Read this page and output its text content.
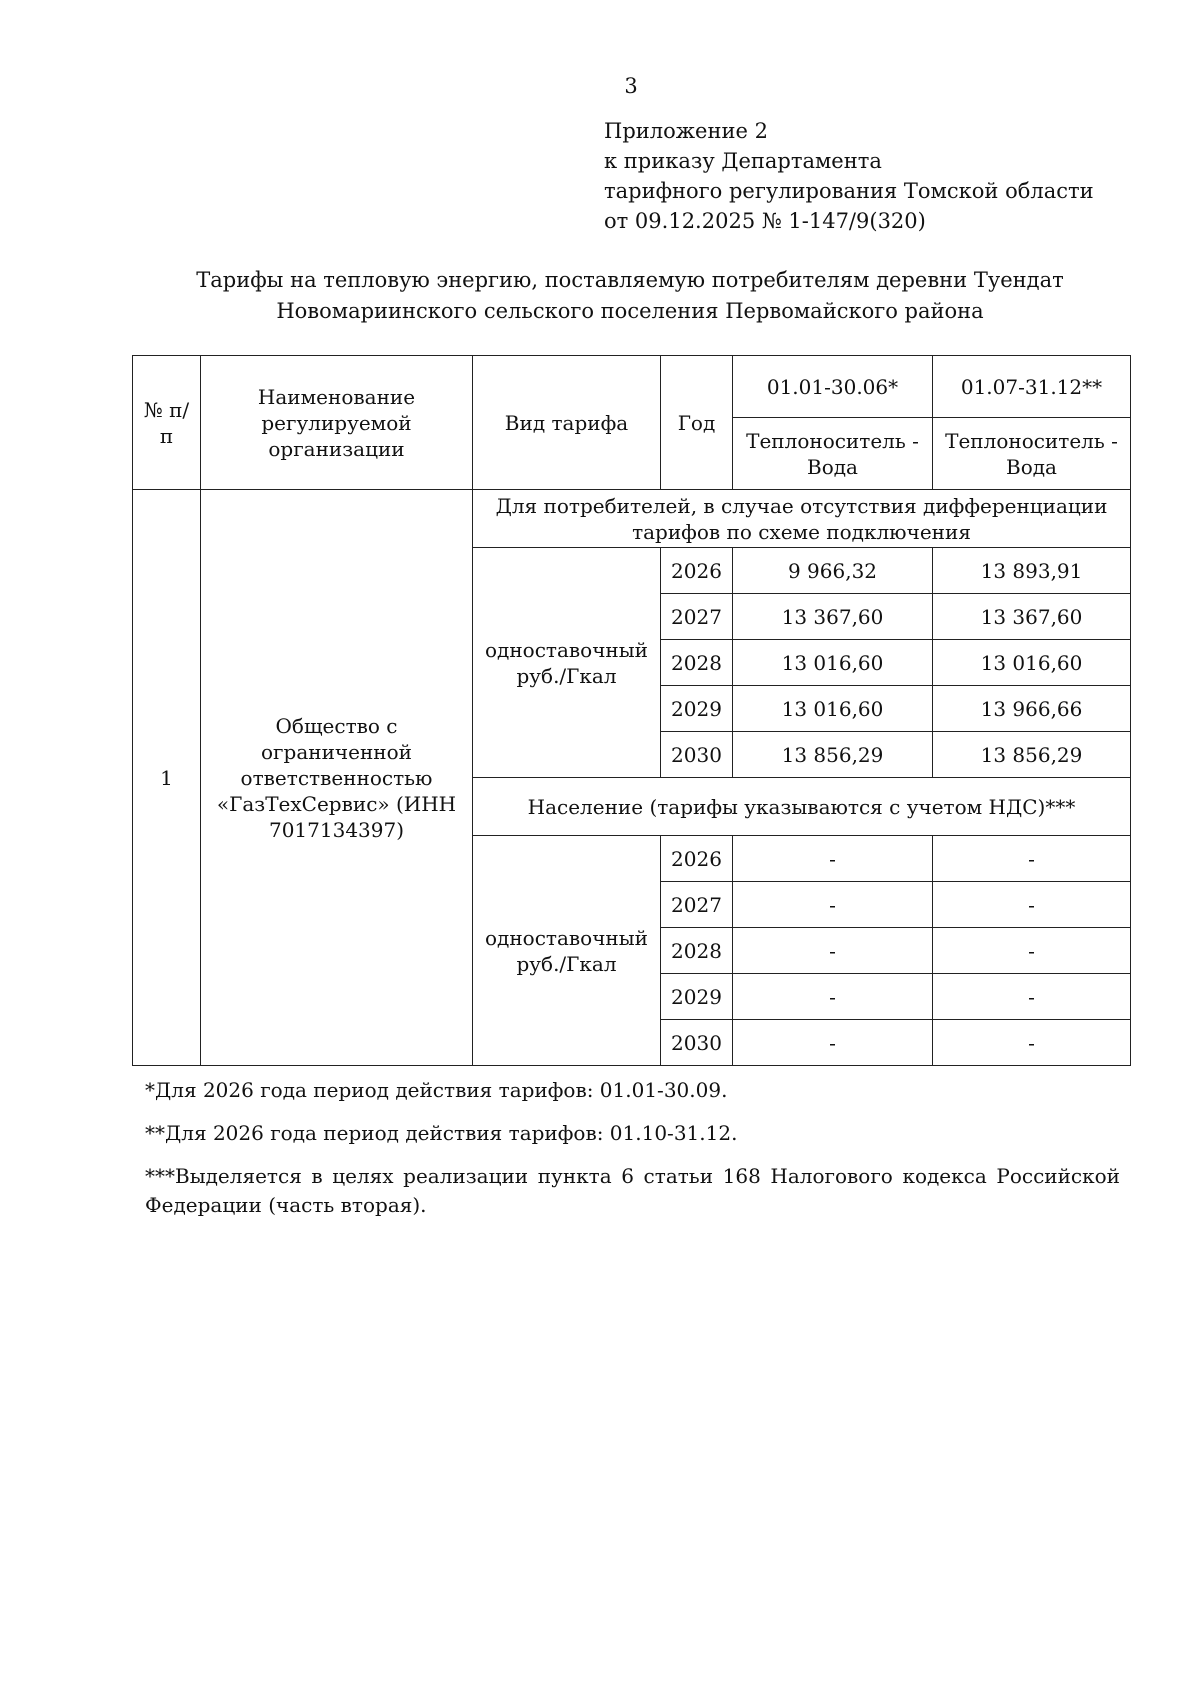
3
Приложение 2
к приказу Департамента
тарифного регулирования Томской области
от 09.12.2025 № 1-147/9(320)
Тарифы на тепловую энергию, поставляемую потребителям деревни Туендат
Новомариинского сельского поселения Первомайского района
№ п/п	Наименование регулируемой организации	Вид тарифа	Год	01.01-30.06*	01.07-31.12**
				Теплоноситель - Вода	Теплоноситель - Вода
1	Общество с ограниченной ответственностью «ГазТехСервис» (ИНН 7017134397)	Для потребителей, в случае отсутствия дифференциации тарифов по схеме подключения			
		одноставочный руб./Гкал	2026	9 966,32	13 893,91
			2027	13 367,60	13 367,60
			2028	13 016,60	13 016,60
			2029	13 016,60	13 966,66
			2030	13 856,29	13 856,29
		Население (тарифы указываются с учетом НДС)***			
		одноставочный руб./Гкал	2026	-	-
			2027	-	-
			2028	-	-
			2029	-	-
			2030	-	-

*Для 2026 года период действия тарифов: 01.01-30.09.

**Для 2026 года период действия тарифов: 01.10-31.12.

***Выделяется в целях реализации пункта 6 статьи 168 Налогового кодекса Российской Федерации (часть вторая).
